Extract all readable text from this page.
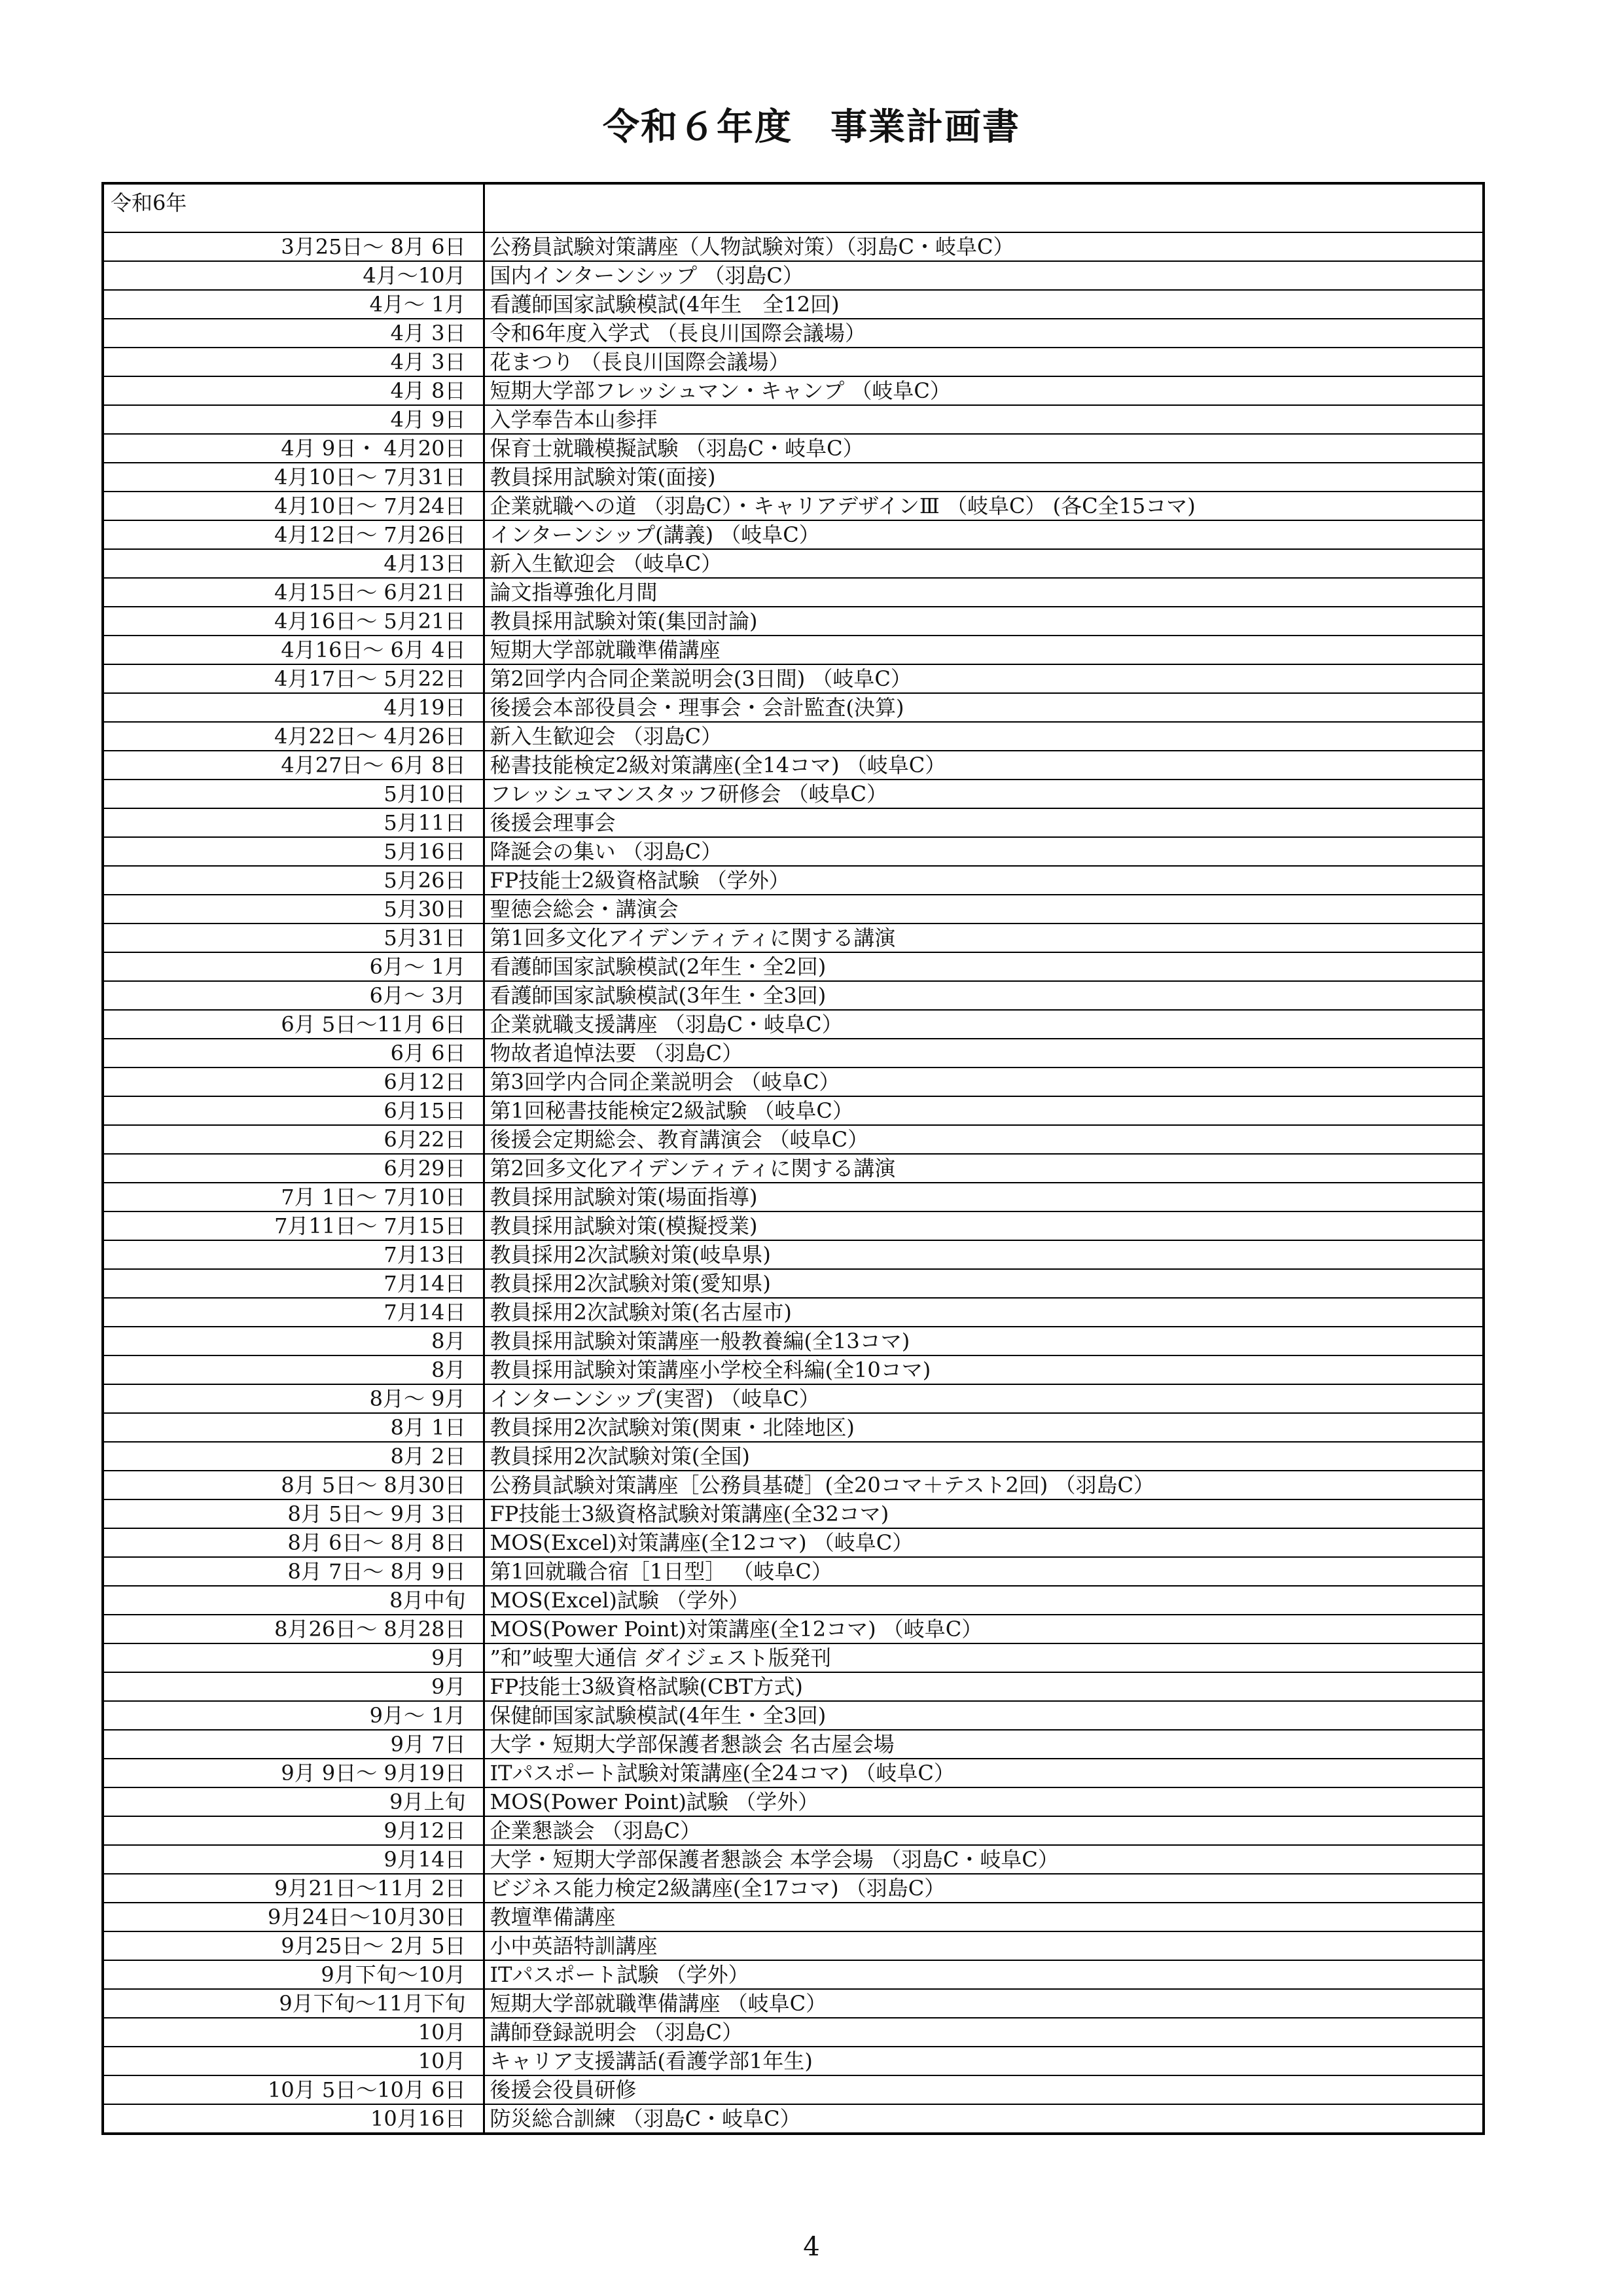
令和６年度　事業計画書
令和6年	
3月25日～ 8月 6日	公務員試験対策講座（人物試験対策）（羽島C・岐阜C）
4月～10月	国内インターンシップ （羽島C）
4月～ 1月	看護師国家試験模試(4年生　全12回)
4月 3日	令和6年度入学式 （長良川国際会議場）
4月 3日	花まつり （長良川国際会議場）
4月 8日	短期大学部フレッシュマン・キャンプ （岐阜C）
4月 9日	入学奉告本山参拝
4月 9日・ 4月20日	保育士就職模擬試験 （羽島C・岐阜C）
4月10日～ 7月31日	教員採用試験対策(面接)
4月10日～ 7月24日	企業就職への道 （羽島C）・キャリアデザインⅢ （岐阜C） (各C全15コマ)
4月12日～ 7月26日	インターンシップ(講義) （岐阜C）
4月13日	新入生歓迎会 （岐阜C）
4月15日～ 6月21日	論文指導強化月間
4月16日～ 5月21日	教員採用試験対策(集団討論)
4月16日～ 6月 4日	短期大学部就職準備講座
4月17日～ 5月22日	第2回学内合同企業説明会(3日間) （岐阜C）
4月19日	後援会本部役員会・理事会・会計監査(決算)
4月22日～ 4月26日	新入生歓迎会 （羽島C）
4月27日～ 6月 8日	秘書技能検定2級対策講座(全14コマ) （岐阜C）
5月10日	フレッシュマンスタッフ研修会 （岐阜C）
5月11日	後援会理事会
5月16日	降誕会の集い （羽島C）
5月26日	FP技能士2級資格試験 （学外）
5月30日	聖徳会総会・講演会
5月31日	第1回多文化アイデンティティに関する講演
6月～ 1月	看護師国家試験模試(2年生・全2回)
6月～ 3月	看護師国家試験模試(3年生・全3回)
6月 5日～11月 6日	企業就職支援講座 （羽島C・岐阜C）
6月 6日	物故者追悼法要 （羽島C）
6月12日	第3回学内合同企業説明会 （岐阜C）
6月15日	第1回秘書技能検定2級試験 （岐阜C）
6月22日	後援会定期総会、教育講演会 （岐阜C）
6月29日	第2回多文化アイデンティティに関する講演
7月 1日～ 7月10日	教員採用試験対策(場面指導)
7月11日～ 7月15日	教員採用試験対策(模擬授業)
7月13日	教員採用2次試験対策(岐阜県)
7月14日	教員採用2次試験対策(愛知県)
7月14日	教員採用2次試験対策(名古屋市)
8月	教員採用試験対策講座一般教養編(全13コマ)
8月	教員採用試験対策講座小学校全科編(全10コマ)
8月～ 9月	インターンシップ(実習) （岐阜C）
8月 1日	教員採用2次試験対策(関東・北陸地区)
8月 2日	教員採用2次試験対策(全国)
8月 5日～ 8月30日	公務員試験対策講座［公務員基礎］(全20コマ＋テスト2回) （羽島C）
8月 5日～ 9月 3日	FP技能士3級資格試験対策講座(全32コマ)
8月 6日～ 8月 8日	MOS(Excel)対策講座(全12コマ) （岐阜C）
8月 7日～ 8月 9日	第1回就職合宿［1日型］ （岐阜C）
8月中旬	MOS(Excel)試験 （学外）
8月26日～ 8月28日	MOS(Power Point)対策講座(全12コマ) （岐阜C）
9月	”和”岐聖大通信 ダイジェスト版発刊
9月	FP技能士3級資格試験(CBT方式)
9月～ 1月	保健師国家試験模試(4年生・全3回)
9月 7日	大学・短期大学部保護者懇談会 名古屋会場
9月 9日～ 9月19日	ITパスポート試験対策講座(全24コマ) （岐阜C）
9月上旬	MOS(Power Point)試験 （学外）
9月12日	企業懇談会 （羽島C）
9月14日	大学・短期大学部保護者懇談会 本学会場 （羽島C・岐阜C）
9月21日～11月 2日	ビジネス能力検定2級講座(全17コマ) （羽島C）
9月24日～10月30日	教壇準備講座
9月25日～ 2月 5日	小中英語特訓講座
9月下旬～10月	ITパスポート試験 （学外）
9月下旬～11月下旬	短期大学部就職準備講座 （岐阜C）
10月	講師登録説明会 （羽島C）
10月	キャリア支援講話(看護学部1年生)
10月 5日～10月 6日	後援会役員研修
10月16日	防災総合訓練 （羽島C・岐阜C）
4
